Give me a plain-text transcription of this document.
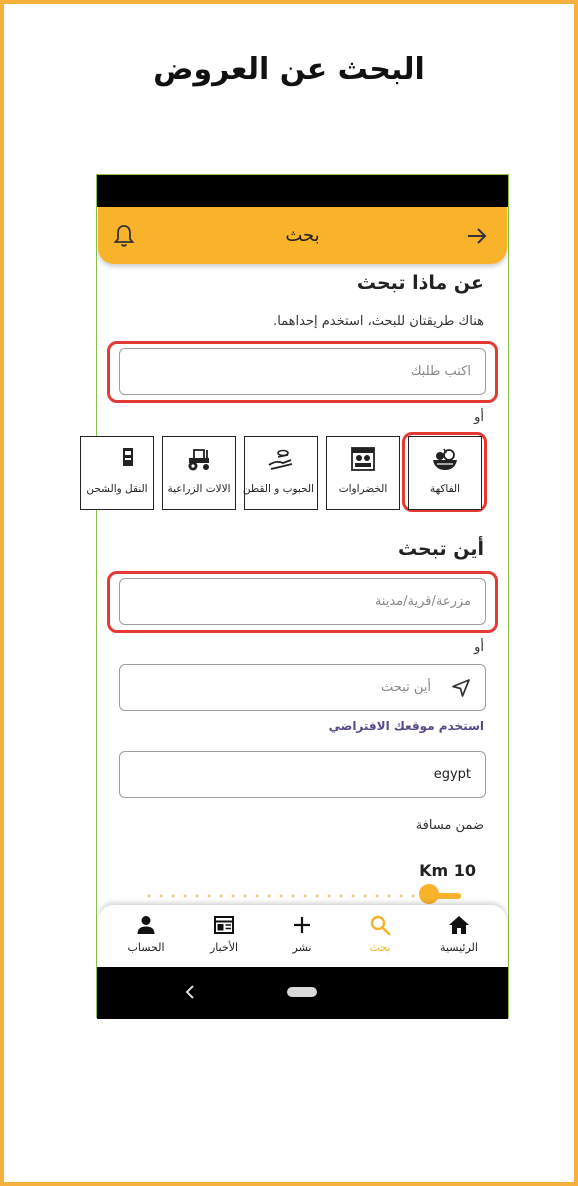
البحث عن العروض
بحث
عن ماذا تبحث
هناك طريقتان للبحث، استخدم إحداهما.
اكتب طلبك
أو
الفاكهة
الخضراوات
الحبوب و القطن
الالات الزراعية
النقل والشحن
أين تبحث
مزرعة/قرية/مدينة
أو
أين تبحث
استخدم موقعك الافتراضي
egypt
ضمن مسافة
Km 10
الرئيسية
بحث
نشر
الأخبار
الحساب
